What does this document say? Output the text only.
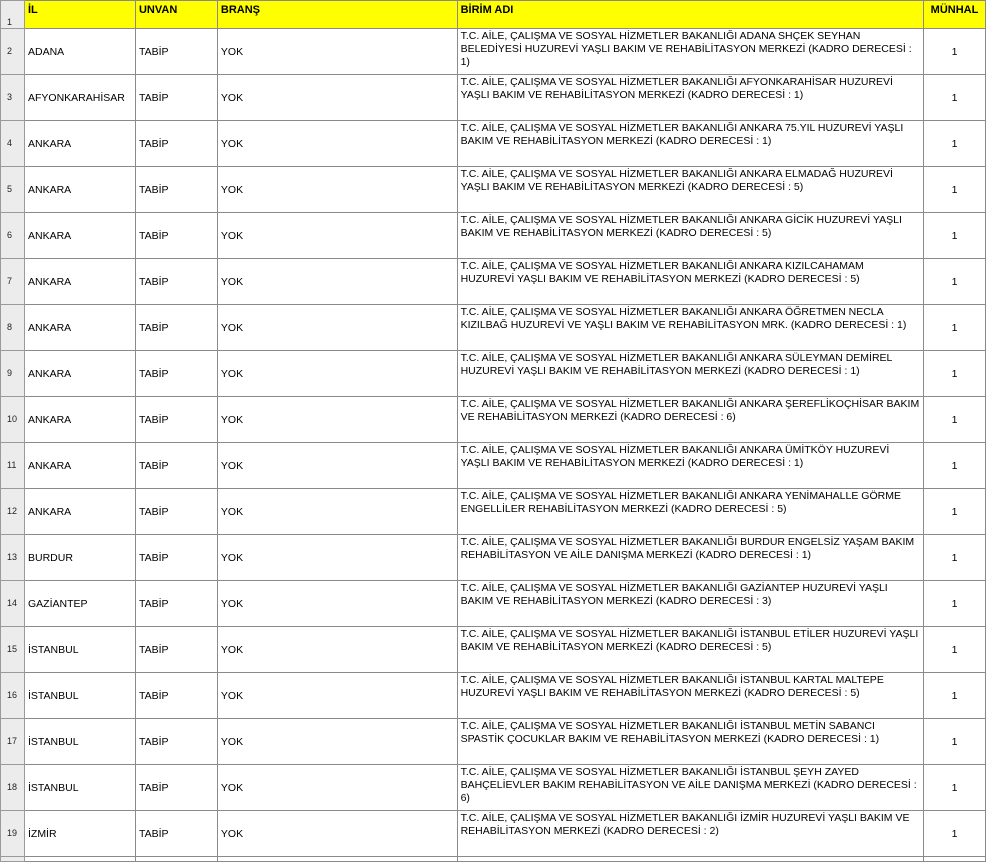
1	İL	UNVAN	BRANŞ	BİRİM ADI	MÜNHAL
2	ADANA	TABİP	YOK	T.C. AİLE, ÇALIŞMA VE SOSYAL HİZMETLER BAKANLIĞI ADANA SHÇEK SEYHAN BELEDİYESİ HUZUREVİ YAŞLI BAKIM VE REHABİLİTASYON MERKEZİ (KADRO DERECESİ : 1)	1
3	AFYONKARAHİSAR	TABİP	YOK	T.C. AİLE, ÇALIŞMA VE SOSYAL HİZMETLER BAKANLIĞI AFYONKARAHİSAR HUZUREVİ YAŞLI BAKIM VE REHABİLİTASYON MERKEZİ (KADRO DERECESİ : 1)	1
4	ANKARA	TABİP	YOK	T.C. AİLE, ÇALIŞMA VE SOSYAL HİZMETLER BAKANLIĞI ANKARA 75.YIL HUZUREVİ YAŞLI BAKIM VE REHABİLİTASYON MERKEZİ (KADRO DERECESİ : 1)	1
5	ANKARA	TABİP	YOK	T.C. AİLE, ÇALIŞMA VE SOSYAL HİZMETLER BAKANLIĞI ANKARA ELMADAĞ HUZUREVİ YAŞLI BAKIM VE REHABİLİTASYON MERKEZİ (KADRO DERECESİ : 5)	1
6	ANKARA	TABİP	YOK	T.C. AİLE, ÇALIŞMA VE SOSYAL HİZMETLER BAKANLIĞI ANKARA GİCİK HUZUREVİ YAŞLI BAKIM VE REHABİLİTASYON MERKEZİ (KADRO DERECESİ : 5)	1
7	ANKARA	TABİP	YOK	T.C. AİLE, ÇALIŞMA VE SOSYAL HİZMETLER BAKANLIĞI ANKARA KIZILCAHAMAM HUZUREVİ YAŞLI BAKIM VE REHABİLİTASYON MERKEZİ (KADRO DERECESİ : 5)	1
8	ANKARA	TABİP	YOK	T.C. AİLE, ÇALIŞMA VE SOSYAL HİZMETLER BAKANLIĞI ANKARA ÖĞRETMEN NECLA KIZILBAĞ HUZUREVİ VE YAŞLI BAKIM VE REHABİLİTASYON MRK. (KADRO DERECESİ : 1)	1
9	ANKARA	TABİP	YOK	T.C. AİLE, ÇALIŞMA VE SOSYAL HİZMETLER BAKANLIĞI ANKARA SÜLEYMAN DEMİREL HUZUREVİ YAŞLI BAKIM VE REHABİLİTASYON MERKEZİ (KADRO DERECESİ : 1)	1
10	ANKARA	TABİP	YOK	T.C. AİLE, ÇALIŞMA VE SOSYAL HİZMETLER BAKANLIĞI ANKARA ŞEREFLİKOÇHİSAR BAKIM VE REHABİLİTASYON MERKEZİ (KADRO DERECESİ : 6)	1
11	ANKARA	TABİP	YOK	T.C. AİLE, ÇALIŞMA VE SOSYAL HİZMETLER BAKANLIĞI ANKARA ÜMİTKÖY HUZUREVİ YAŞLI BAKIM VE REHABİLİTASYON MERKEZİ (KADRO DERECESİ : 1)	1
12	ANKARA	TABİP	YOK	T.C. AİLE, ÇALIŞMA VE SOSYAL HİZMETLER BAKANLIĞI ANKARA YENİMAHALLE GÖRME ENGELLİLER REHABİLİTASYON MERKEZİ (KADRO DERECESİ : 5)	1
13	BURDUR	TABİP	YOK	T.C. AİLE, ÇALIŞMA VE SOSYAL HİZMETLER BAKANLIĞI BURDUR ENGELSİZ YAŞAM BAKIM REHABİLİTASYON VE AİLE DANIŞMA MERKEZİ (KADRO DERECESİ : 1)	1
14	GAZİANTEP	TABİP	YOK	T.C. AİLE, ÇALIŞMA VE SOSYAL HİZMETLER BAKANLIĞI GAZİANTEP HUZUREVİ YAŞLI BAKIM VE REHABİLİTASYON MERKEZİ (KADRO DERECESİ : 3)	1
15	İSTANBUL	TABİP	YOK	T.C. AİLE, ÇALIŞMA VE SOSYAL HİZMETLER BAKANLIĞI İSTANBUL ETİLER HUZUREVİ YAŞLI BAKIM VE REHABİLİTASYON MERKEZİ (KADRO DERECESİ : 5)	1
16	İSTANBUL	TABİP	YOK	T.C. AİLE, ÇALIŞMA VE SOSYAL HİZMETLER BAKANLIĞI İSTANBUL KARTAL MALTEPE HUZUREVİ YAŞLI BAKIM VE REHABİLİTASYON MERKEZİ (KADRO DERECESİ : 5)	1
17	İSTANBUL	TABİP	YOK	T.C. AİLE, ÇALIŞMA VE SOSYAL HİZMETLER BAKANLIĞI İSTANBUL METİN SABANCI SPASTİK ÇOCUKLAR BAKIM VE REHABİLİTASYON MERKEZİ (KADRO DERECESİ : 1)	1
18	İSTANBUL	TABİP	YOK	T.C. AİLE, ÇALIŞMA VE SOSYAL HİZMETLER BAKANLIĞI İSTANBUL ŞEYH ZAYED BAHÇELİEVLER BAKIM REHABİLİTASYON VE AİLE DANIŞMA MERKEZİ (KADRO DERECESİ : 6)	1
19	İZMİR	TABİP	YOK	T.C. AİLE, ÇALIŞMA VE SOSYAL HİZMETLER BAKANLIĞI İZMİR HUZUREVİ YAŞLI BAKIM VE REHABİLİTASYON MERKEZİ (KADRO DERECESİ : 2)	1
